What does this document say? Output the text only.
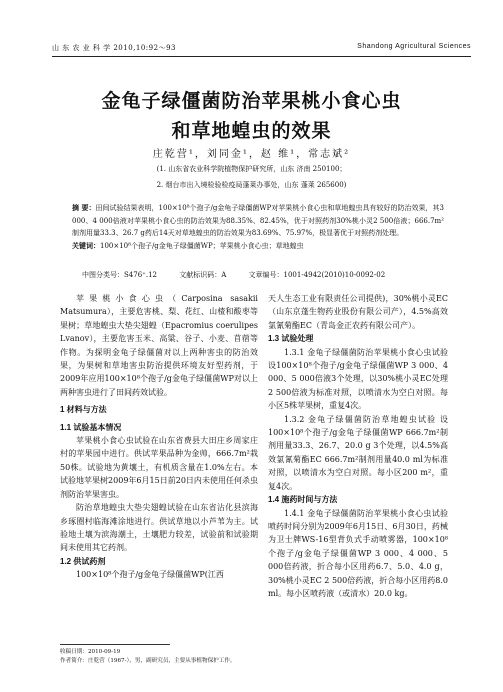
山 东 农 业 科 学 2010,10:92～93	Shandong Agricultural Sciences
金龟子绿僵菌防治苹果桃小食心虫
和草地蝗虫的效果
庄乾营¹，刘同金¹，赵 维¹，常志斌²
(1. 山东省农业科学院植物保护研究所，山东 济南 250100；
2. 烟台市出入境检验检疫局蓬莱办事处，山东 蓬莱 265600)
摘 要：田间试验结果表明，100×10⁸个孢子/g金龟子绿僵菌WP对苹果桃小食心虫和草地蝗虫具有较好的防治效果，其3 000、4 000倍液对苹果桃小食心虫的防治效果为88.35%、82.45%，优于对照药剂30%桃小灵2 500倍液；666.7m²制剂用量33.3、26.7 g药后14天对草地蝗虫的防治效果为83.69%、75.97%，极显著优于对照药剂处理。
关键词：100×10⁸个孢子/g金龟子绿僵菌WP；苹果桃小食心虫；草地蝗虫
中图分类号：S476⁺.12	文献标识码：A	文章编号：1001-4942(2010)10-0092-02

苹果桃小食心虫（Carposina sasakii Matsumura），主要危害桃、梨、花红、山楂和酸枣等果树；草地蝗虫大垫尖翅蝗（Epacromius coerulipes Lvanov），主要危害玉米、高粱、谷子、小麦、苜蓿等作物。为探明金龟子绿僵菌对以上两种害虫的防治效果，为果树和草地害虫防治提供环境友好型药剂，于2009年应用100×10⁸个孢子/g金龟子绿僵菌WP对以上两种害虫进行了田间药效试验。

1 材料与方法

1.1 试验基本情况

苹果桃小食心虫试验在山东省费县大田庄乡周家庄村的苹果园中进行。供试苹果品种为金帅，666.7m²栽50株。试验地为黄壤土，有机质含量在1.0%左右。本试验地苹果树2009年6月15日前20日内未使用任何杀虫剂防治苹果害虫。

防治草地蝗虫大垫尖翅蝗试验在山东省沾化县滨海乡琢圈村临海滩涂地进行。供试草地以小芦苇为主。试验地土壤为滨海潮土，土壤肥力较差，试验前和试验期间未使用其它药剂。

1.2 供试药剂

100×10⁸个孢子/g金龟子绿僵菌WP(江西

天人生态工业有限责任公司提供)，30%桃小灵EC（山东京蓬生物药业股份有限公司产），4.5%高效氯氰菊酯EC（青岛金正农药有限公司产）。

1.3 试验处理

1.3.1 金龟子绿僵菌防治苹果桃小食心虫试验 设100×10⁸个孢子/g金龟子绿僵菌WP 3 000、4 000、5 000倍液3个处理，以30%桃小灵EC处理2 500倍液为标准对照，以喷清水为空白对照。每小区5株苹果树，重复4次。

1.3.2 金龟子绿僵菌防治草地蝗虫试验 设100×10⁸个孢子/g金龟子绿僵菌WP 666.7m²制剂用量33.3、26.7、20.0 g 3个处理，以4.5%高效氯氰菊酯EC 666.7m²制剂用量40.0 ml为标准对照，以喷清水为空白对照。每小区200 m²，重复4次。

1.4 施药时间与方法

1.4.1 金龟子绿僵菌防治苹果桃小食心虫试验 喷药时间分别为2009年6月15日、6月30日，药械为卫士牌WS-16型背负式手动喷雾器，100×10⁸个孢子/g金龟子绿僵菌WP 3 000、4 000、5 000倍药液，折合每小区用药6.7、5.0、4.0 g，30%桃小灵EC 2 500倍药液，折合每小区用药8.0 ml。每小区喷药液（或清水）20.0 kg。

收稿日期：2010-09-19
作者简介：庄乾营（1967-），男，副研究员，主要从事植物保护工作。
